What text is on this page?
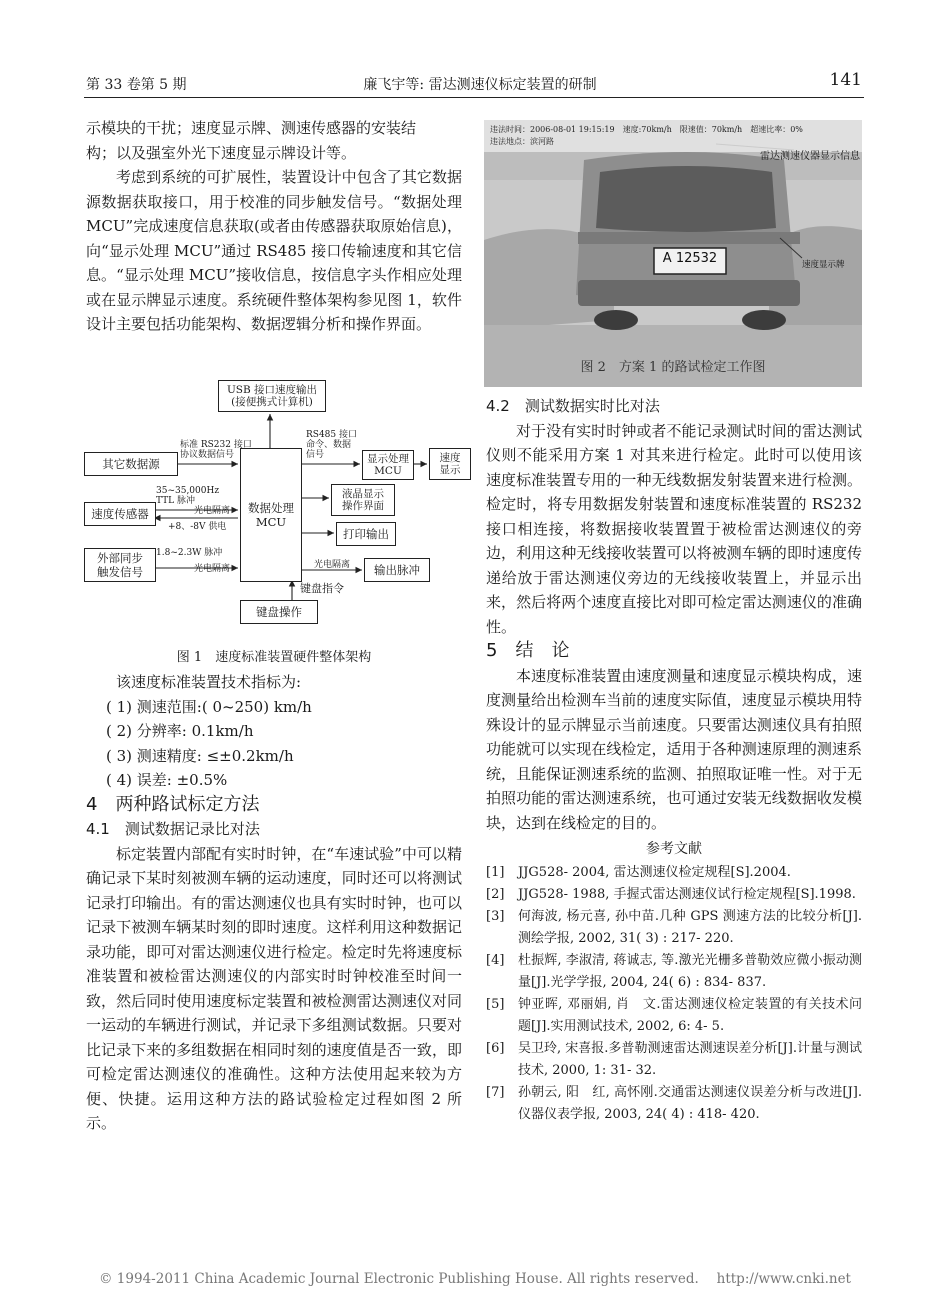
第 33 卷第 5 期	廉飞宇等: 雷达测速仪标定装置的研制	141

示模块的干扰；速度显示牌、测速传感器的安装结

构；以及强室外光下速度显示牌设计等。

考虑到系统的可扩展性，装置设计中包含了其它数据源数据获取接口，用于校准的同步触发信号。“数据处理 MCU”完成速度信息获取(或者由传感器获取原始信息)，向“显示处理 MCU”通过 RS485 接口传输速度和其它信息。“显示处理 MCU”接收信息，按信息字头作相应处理或在显示牌显示速度。系统硬件整体架构参见图 1，软件设计主要包括功能架构、数据逻辑分析和操作界面。

USB 接口速度输出
(接便携式计算机)
其它数据源
速度传感器
外部同步
触发信号
数据处理
MCU
显示处理
MCU
速度
显示
液晶显示
操作界面
打印输出
输出脉冲
键盘操作
标准 RS232 接口
协议数据信号
RS485 接口
命令、数据
信号
35~35,000Hz
TTL 脉冲
光电隔离
+8、-8V 供电
1.8~2.3W 脉冲
光电隔离	光电隔离
键盘指令
图 1　速度标准装置硬件整体架构

该速度标准装置技术指标为:

( 1) 测速范围:( 0~250) km/h

( 2) 分辨率: 0.1km/h

( 3) 测速精度: ≤±0.2km/h

( 4) 误差: ±0.5%

4　两种路试标定方法

4.1　测试数据记录比对法

标定装置内部配有实时时钟，在“车速试验”中可以精确记录下某时刻被测车辆的运动速度，同时还可以将测试记录打印输出。有的雷达测速仪也具有实时时钟，也可以记录下被测车辆某时刻的即时速度。这样利用这种数据记录功能，即可对雷达测速仪进行检定。检定时先将速度标准装置和被检雷达测速仪的内部实时时钟校准至时间一致，然后同时使用速度标定装置和被检测雷达测速仪对同一运动的车辆进行测试，并记录下多组测试数据。只要对比记录下来的多组数据在相同时刻的速度值是否一致，即可检定雷达测速仪的准确性。这种方法使用起来较为方便、快捷。运用这种方法的路试验检定过程如图 2 所示。

违法时间：2006-08-01 19:15:19　速度:70km/h　限速值：70km/h　超速比率：0%
违法地点：滨河路
A 12532
雷达测速仪器显示信息
速度显示牌
图 2　方案 1 的路试检定工作图

4.2　测试数据实时比对法

对于没有实时时钟或者不能记录测试时间的雷达测试仪则不能采用方案 1 对其来进行检定。此时可以使用该速度标准装置专用的一种无线数据发射装置来进行检测。检定时，将专用数据发射装置和速度标准装置的 RS232 接口相连接，将数据接收装置置于被检雷达测速仪的旁边，利用这种无线接收装置可以将被测车辆的即时速度传递给放于雷达测速仪旁边的无线接收装置上，并显示出来，然后将两个速度直接比对即可检定雷达测速仪的准确性。

5　结　论

本速度标准装置由速度测量和速度显示模块构成，速度测量给出检测车当前的速度实际值，速度显示模块用特殊设计的显示牌显示当前速度。只要雷达测速仪具有拍照功能就可以实现在线检定，适用于各种测速原理的测速系统，且能保证测速系统的监测、拍照取证唯一性。对于无拍照功能的雷达测速系统，也可通过安装无线数据收发模块，达到在线检定的目的。

参考文献

[1]	JJG528- 2004, 雷达测速仪检定规程[S].2004.
[2]	JJG528- 1988, 手握式雷达测速仪试行检定规程[S].1998.
[3]	何海波, 杨元喜, 孙中苗.几种 GPS 测速方法的比较分析[J].测绘学报, 2002, 31( 3) : 217- 220.
[4]	杜振辉, 李淑清, 蒋诚志, 等.激光光栅多普勒效应微小振动测量[J].光学学报, 2004, 24( 6) : 834- 837.
[5]	钟亚晖, 邓丽娟, 肖　文.雷达测速仪检定装置的有关技术问题[J].实用测试技术, 2002, 6: 4- 5.
[6]	吴卫玲, 宋喜报.多普勒测速雷达测速误差分析[J].计量与测试技术, 2000, 1: 31- 32.
[7]	孙朝云, 阳　红, 高怀刚.交通雷达测速仪误差分析与改进[J].仪器仪表学报, 2003, 24( 4) : 418- 420.
© 1994-2011 China Academic Journal Electronic Publishing House. All rights reserved.　 http://www.cnki.net
